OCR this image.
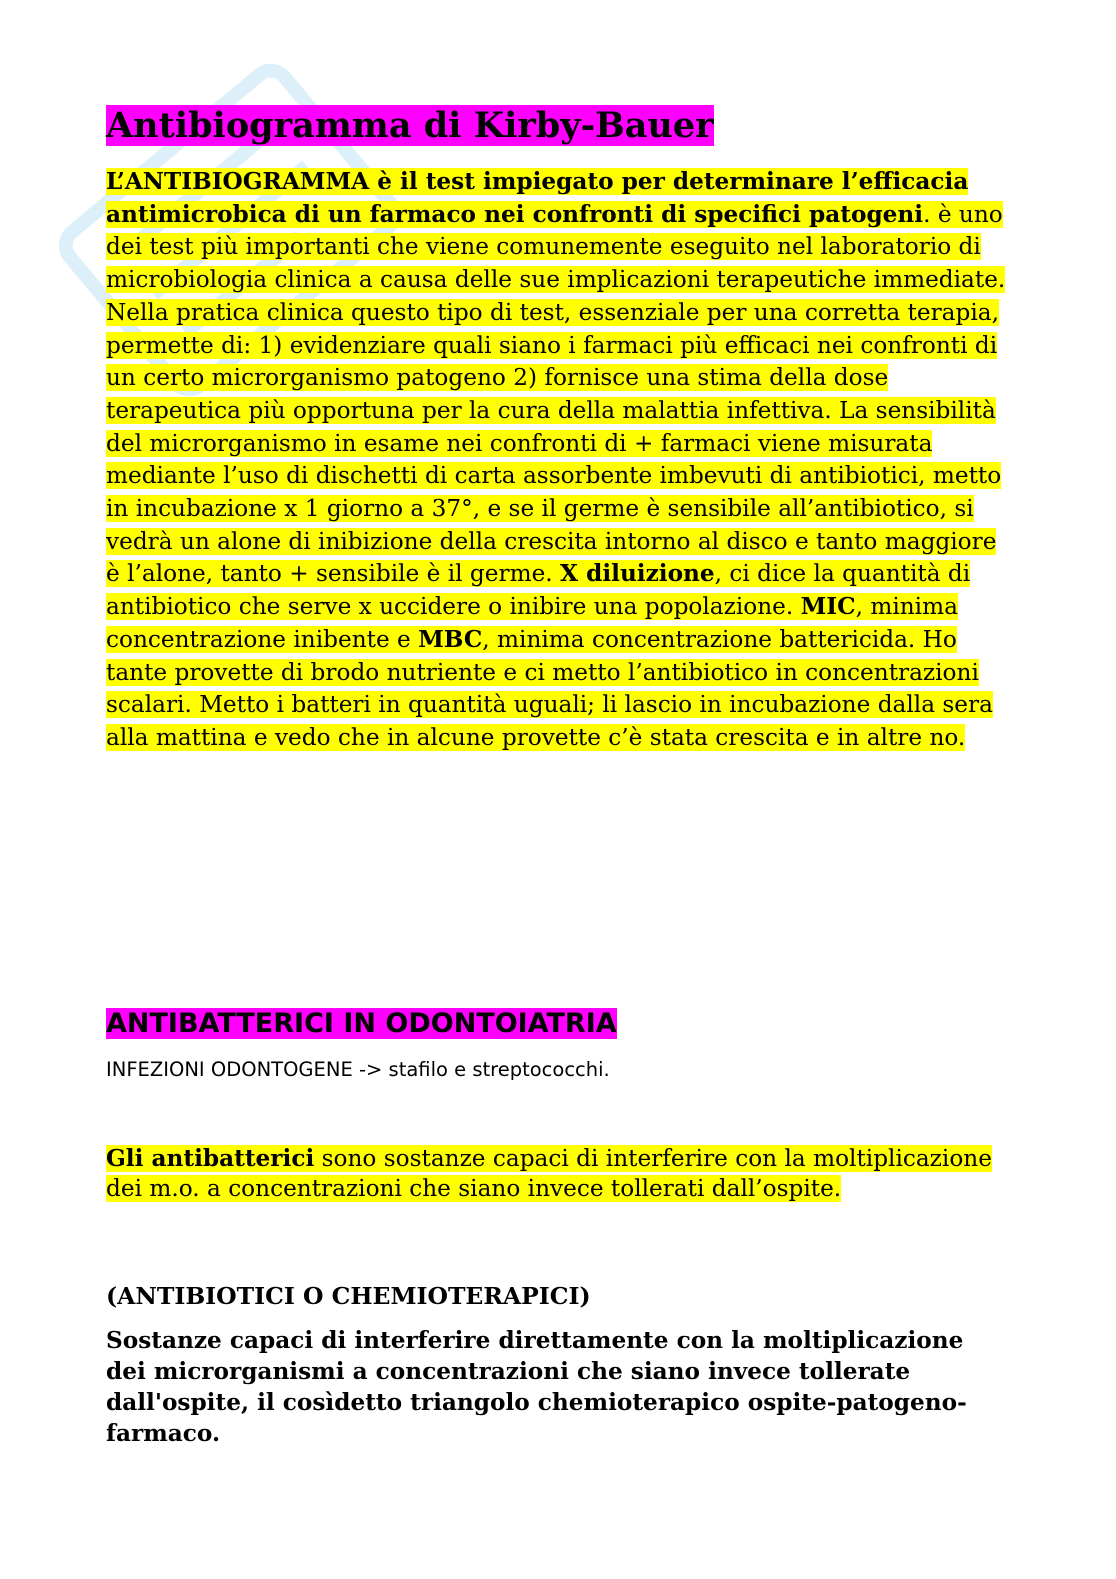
Antibiogramma di Kirby-Bauer

L’ANTIBIOGRAMMA è il test impiegato per determinare l’efficacia antimicrobica di un farmaco nei confronti di specifici patogeni. è uno dei test più importanti che viene comunemente eseguito nel laboratorio di microbiologia clinica a causa delle sue implicazioni terapeutiche immediate. Nella pratica clinica questo tipo di test, essenziale per una corretta terapia, permette di: 1) evidenziare quali siano i farmaci più efficaci nei confronti di un certo microrganismo patogeno 2) fornisce una stima della dose terapeutica più opportuna per la cura della malattia infettiva. La sensibilità del microrganismo in esame nei confronti di + farmaci viene misurata mediante l’uso di dischetti di carta assorbente imbevuti di antibiotici, metto in incubazione x 1 giorno a 37°, e se il germe è sensibile all’antibiotico, si vedrà un alone di inibizione della crescita intorno al disco e tanto maggiore è l’alone, tanto + sensibile è il germe. X diluizione, ci dice la quantità di antibiotico che serve x uccidere o inibire una popolazione. MIC, minima concentrazione inibente e MBC, minima concentrazione battericida. Ho tante provette di brodo nutriente e ci metto l’antibiotico in concentrazioni scalari. Metto i batteri in quantità uguali; li lascio in incubazione dalla sera alla mattina e vedo che in alcune provette c’è stata crescita e in altre no.

ANTIBATTERICI IN ODONTOIATRIA

INFEZIONI ODONTOGENE -> stafilo e streptococchi.

Gli antibatterici sono sostanze capaci di interferire con la moltiplicazione dei m.o. a concentrazioni che siano invece tollerati dall’ospite.

(ANTIBIOTICI O CHEMIOTERAPICI)

Sostanze capaci di interferire direttamente con la moltiplicazione dei microrganismi a concentrazioni che siano invece tollerate dall'ospite, il cosìdetto triangolo chemioterapico ospite-patogeno-farmaco.
